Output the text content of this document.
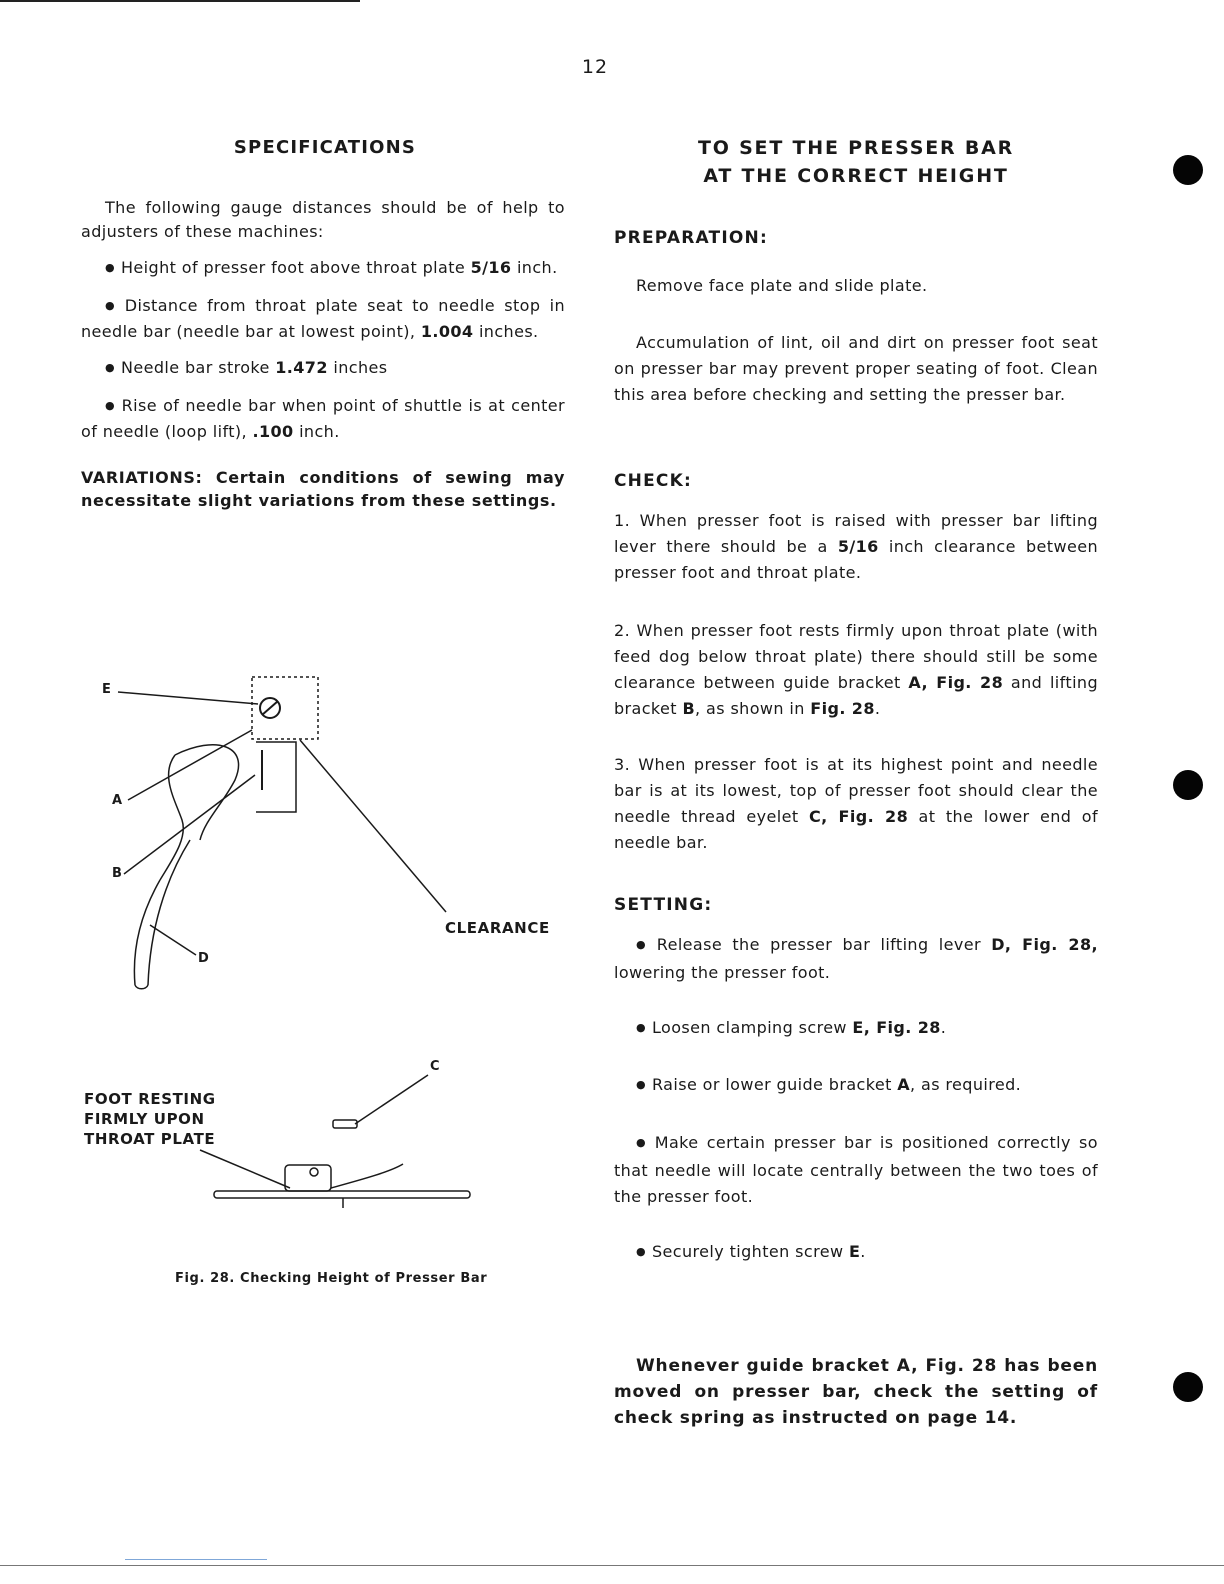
12
SPECIFICATIONS

The following gauge distances should be of help to adjusters of these machines:

● Height of presser foot above throat plate 5/16 inch.

● Distance from throat plate seat to needle stop in needle bar (needle bar at lowest point), 1.004 inches.

● Needle bar stroke 1.472 inches

● Rise of needle bar when point of shuttle is at center of needle (loop lift), .100 inch.

VARIATIONS: Certain conditions of sewing may necessitate slight variations from these settings.

E
A
B
D
C
CLEARANCE
FOOT RESTING
FIRMLY UPON
THROAT PLATE
Fig. 28. Checking Height of Presser Bar
TO SET THE PRESSER BAR
AT THE CORRECT HEIGHT
PREPARATION:

Remove face plate and slide plate.

Accumulation of lint, oil and dirt on presser foot seat on presser bar may prevent proper seating of foot. Clean this area before checking and setting the presser bar.

CHECK:

1. When presser foot is raised with presser bar lifting lever there should be a 5/16 inch clearance between presser foot and throat plate.

2. When presser foot rests firmly upon throat plate (with feed dog below throat plate) there should still be some clearance between guide bracket A, Fig. 28 and lifting bracket B, as shown in Fig. 28.

3. When presser foot is at its highest point and needle bar is at its lowest, top of presser foot should clear the needle thread eyelet C, Fig. 28 at the lower end of needle bar.

SETTING:

● Release the presser bar lifting lever D, Fig. 28, lowering the presser foot.

● Loosen clamping screw E, Fig. 28.

● Raise or lower guide bracket A, as required.

● Make certain presser bar is positioned correctly so that needle will locate centrally between the two toes of the presser foot.

● Securely tighten screw E.

Whenever guide bracket A, Fig. 28 has been moved on presser bar, check the setting of check spring as instructed on page 14.
